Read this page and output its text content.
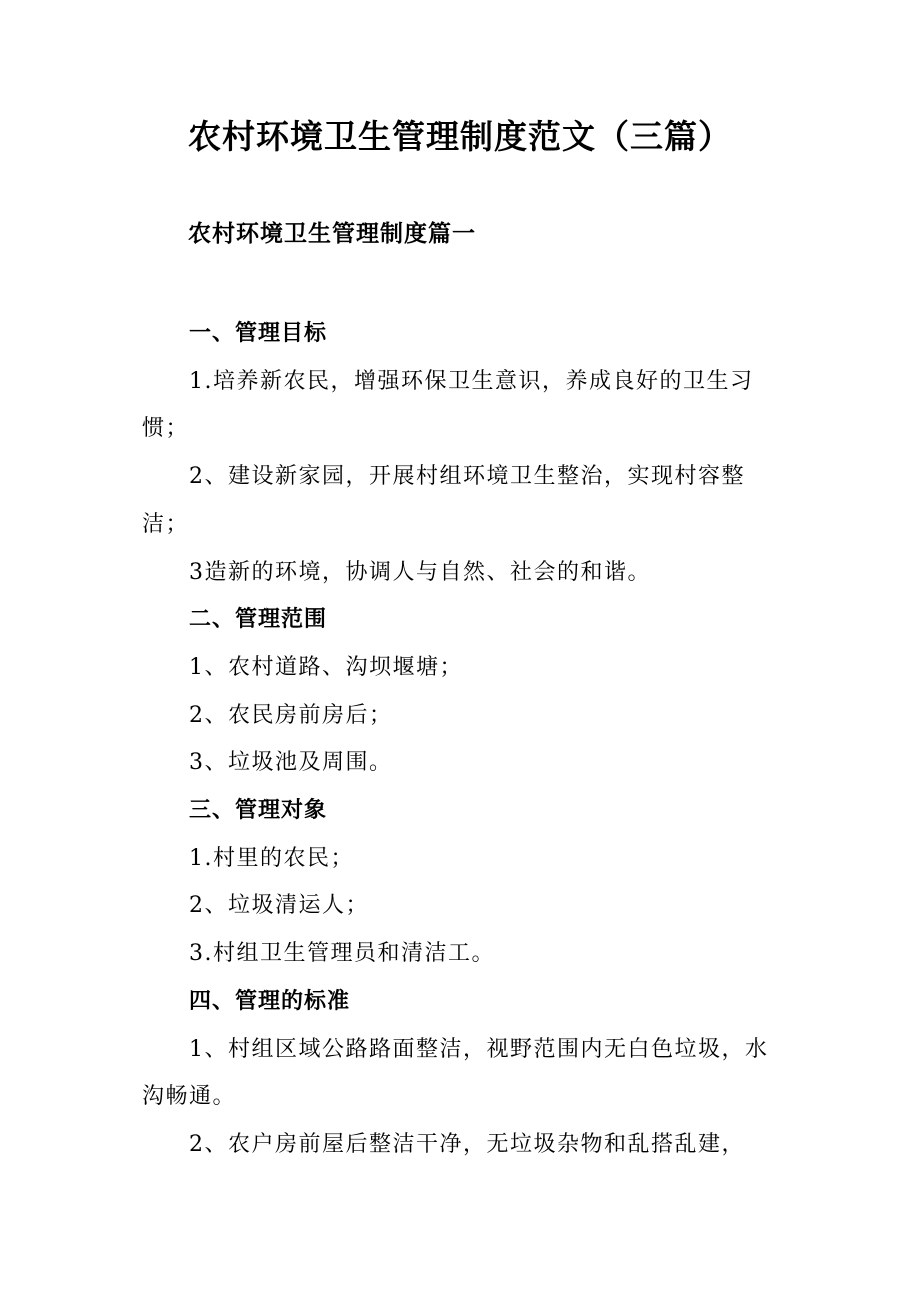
农村环境卫生管理制度范文（三篇）
农村环境卫生管理制度篇一

一、管理目标

1.培养新农民，增强环保卫生意识，养成良好的卫生习惯；

2、建设新家园，开展村组环境卫生整治，实现村容整洁；

3造新的环境，协调人与自然、社会的和谐。

二、管理范围

1、农村道路、沟坝堰塘；

2、农民房前房后；

3、垃圾池及周围。

三、管理对象

1.村里的农民；

2、垃圾清运人；

3.村组卫生管理员和清洁工。

四、管理的标准

1、村组区域公路路面整洁，视野范围内无白色垃圾，水沟畅通。

2、农户房前屋后整洁干净，无垃圾杂物和乱搭乱建，
